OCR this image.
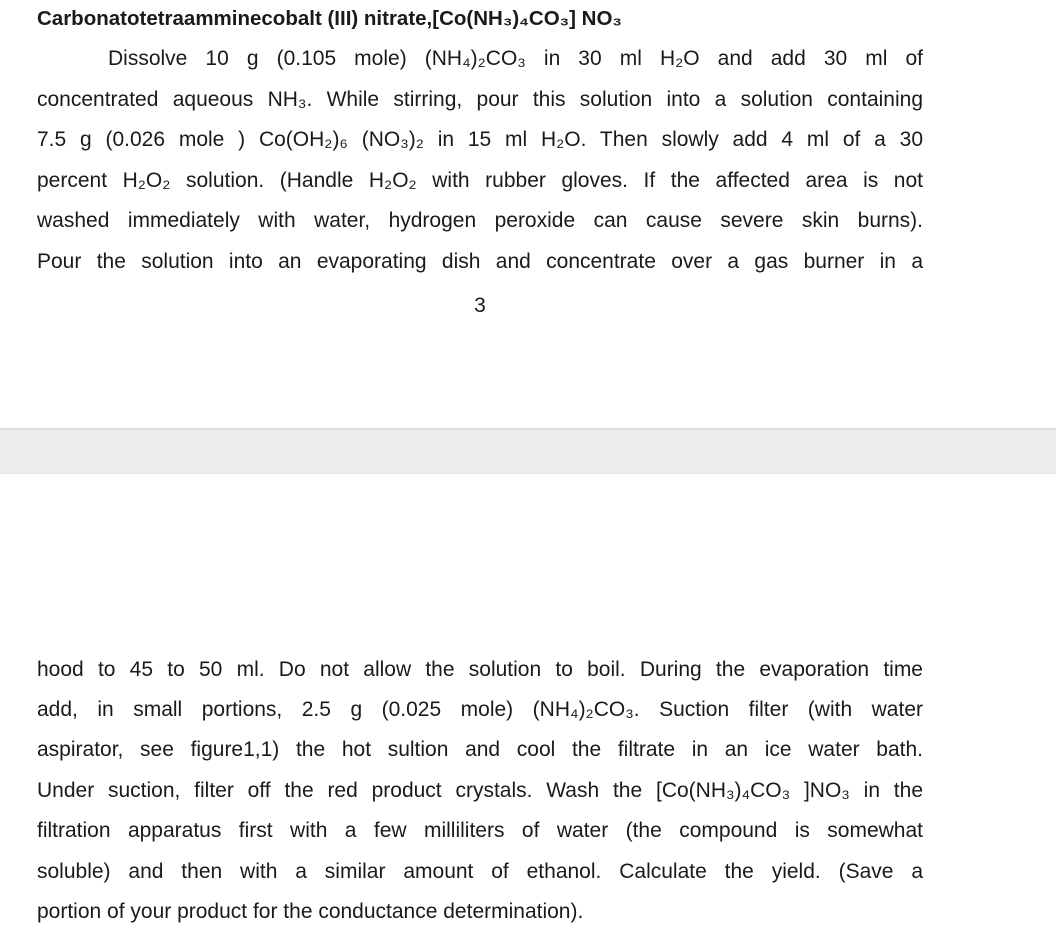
Carbonatotetraamminecobalt (III) nitrate,[Co(NH₃)₄CO₃] NO₃
Dissolve 10 g (0.105 mole) (NH₄)₂CO₃ in 30 ml H₂O and add 30 ml of
concentrated aqueous NH₃. While stirring, pour this solution into a solution containing
7.5 g (0.026 mole ) Co(OH₂)₆ (NO₃)₂ in 15 ml H₂O. Then slowly add 4 ml of a 30
percent H₂O₂ solution. (Handle H₂O₂ with rubber gloves. If the affected area is not
washed immediately with water, hydrogen peroxide can cause severe skin burns).
Pour the solution into an evaporating dish and concentrate over a gas burner in a
3
hood to 45 to 50 ml. Do not allow the solution to boil. During the evaporation time
add, in small portions, 2.5 g (0.025 mole) (NH₄)₂CO₃. Suction filter (with water
aspirator, see figure1,1) the hot sultion and cool the filtrate in an ice water bath.
Under suction, filter off the red product crystals. Wash the [Co(NH₃)₄CO₃ ]NO₃ in the
filtration apparatus first with a few milliliters of water (the compound is somewhat
soluble) and then with a similar amount of ethanol. Calculate the yield. (Save a
portion of your product for the conductance determination).
